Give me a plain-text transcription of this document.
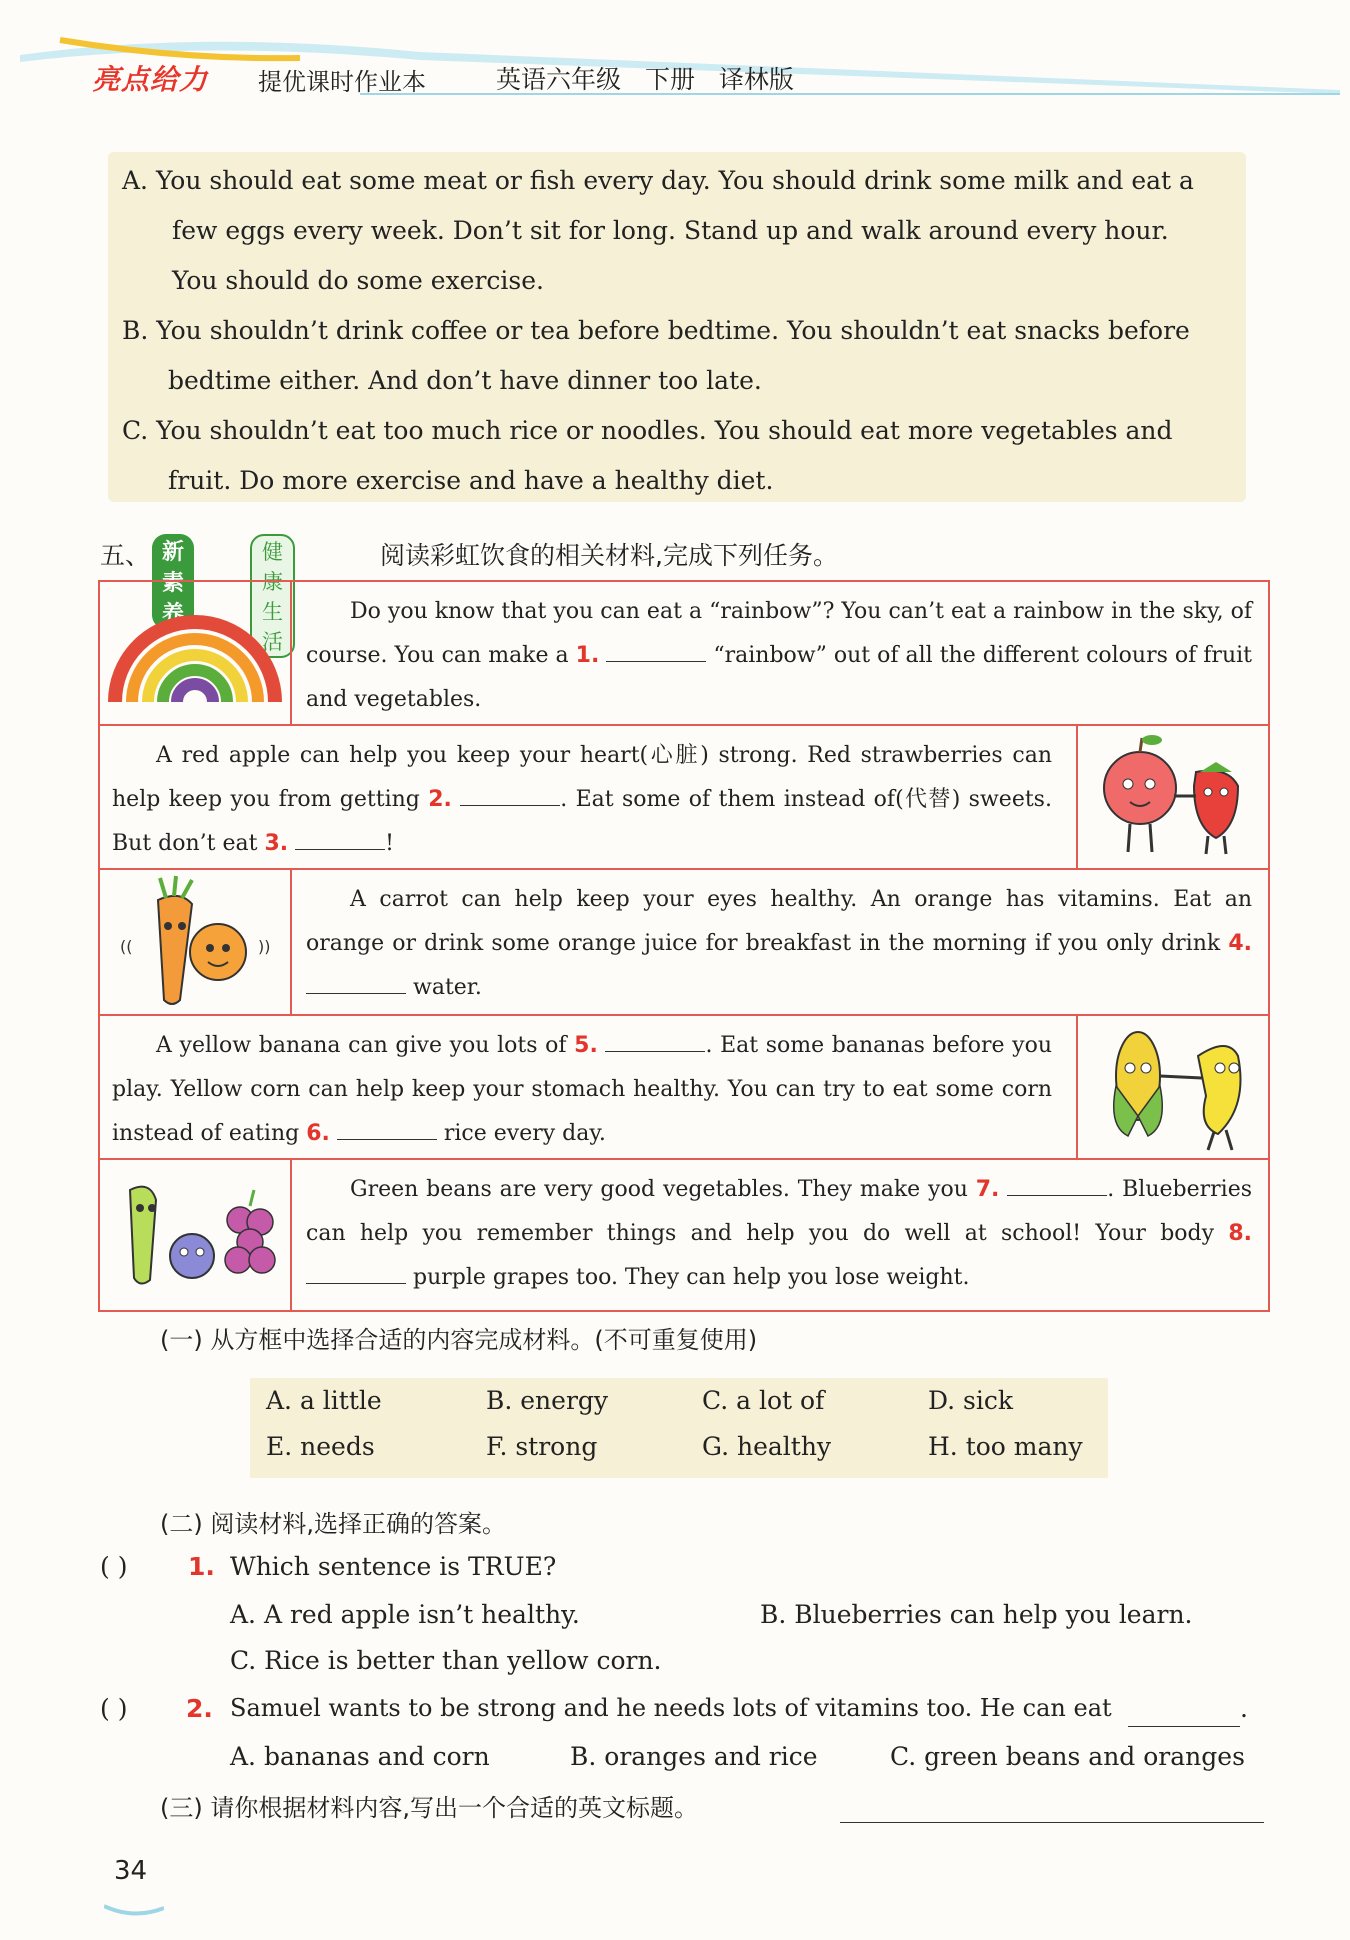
亮点给力 提优课时作业本	英语六年级 下册 译林版

A. You should eat some meat or fish every day. You should drink some milk and eat a

few eggs every week. Don’t sit for long. Stand up and walk around every hour.

You should do some exercise.

B. You shouldn’t drink coffee or tea before bedtime. You shouldn’t eat snacks before

bedtime either. And don’t have dinner too late.

C. You shouldn’t eat too much rice or noodles. You should eat more vegetables and

fruit. Do more exercise and have a healthy diet.

五、 新素养
健康生活
阅读彩虹饮食的相关材料,完成下列任务。
Do you know that you can eat a “rainbow”? You can’t eat a rainbow in the sky, of course. You can make a 1.	“rainbow” out of all the different colours of fruit and vegetables.
A red apple can help you keep your heart(心脏) strong. Red strawberries can help keep you from getting 2.	. Eat some of them instead of(代替) sweets. But don’t eat 3.	!
((	))
A carrot can help keep your eyes healthy. An orange has vitamins. Eat an orange or drink some orange juice for breakfast in the morning if you only drink 4.  water.
A yellow banana can give you lots of 5.	. Eat some bananas before you play. Yellow corn can help keep your stomach healthy. You can try to eat some corn instead of eating 6.	rice every day.
Green beans are very good vegetables. They make you 7.	. Blueberries can help you remember things and help you do well at school! Your body 8.  purple grapes too. They can help you lose weight.
(一) 从方框中选择合适的内容完成材料。(不可重复使用)
A. a little	B. energy	C. a lot of	D. sick
E. needs	F. strong	G. healthy	H. too many
(二) 阅读材料,选择正确的答案。
( ) 1. Which sentence is TRUE?
A. A red apple isn’t healthy.	B. Blueberries can help you learn.
C. Rice is better than yellow corn.
( ) 2. Samuel wants to be strong and he needs lots of vitamins too. He can eat	.
A. bananas and corn	B. oranges and rice	C. green beans and oranges
(三) 请你根据材料内容,写出一个合适的英文标题。
34
